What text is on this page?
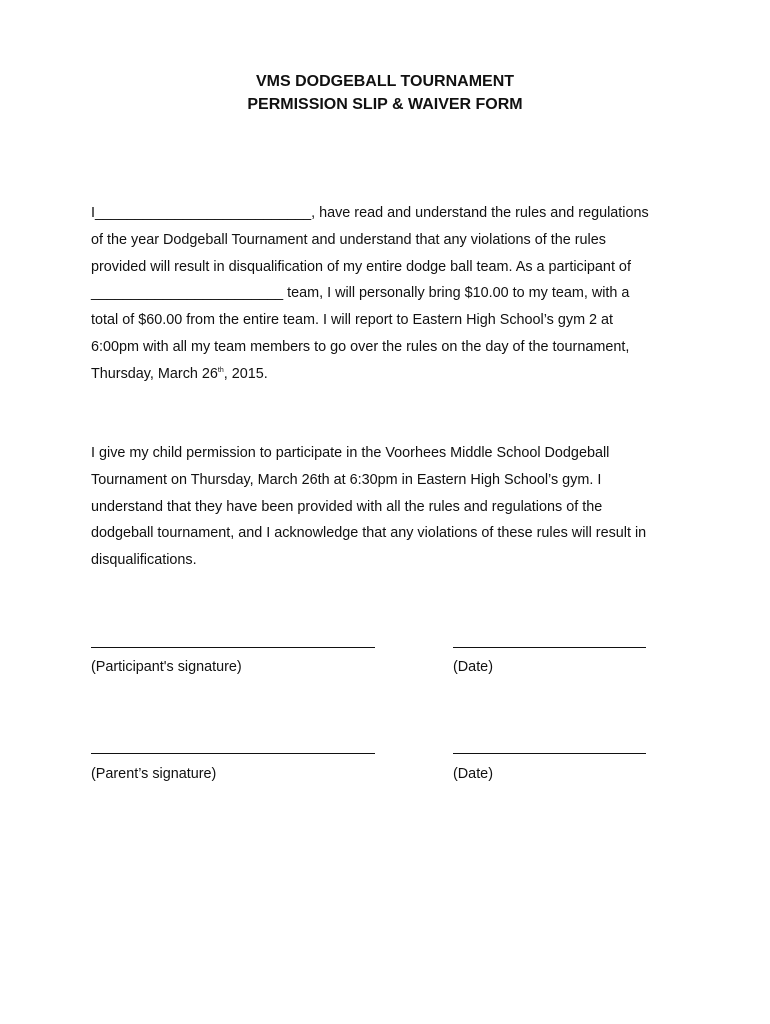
VMS DODGEBALL TOURNAMENT
PERMISSION SLIP & WAIVER FORM

I___________________________, have read and understand the rules and regulations
of the year Dodgeball Tournament and understand that any violations of the rules
provided will result in disqualification of my entire dodge ball team. As a participant of
________________________ team, I will personally bring $10.00 to my team, with a
total of $60.00 from the entire team. I will report to Eastern High School’s gym 2 at
6:00pm with all my team members to go over the rules on the day of the tournament,
Thursday, March 26th, 2015.

I give my child permission to participate in the Voorhees Middle School Dodgeball
Tournament on Thursday, March 26th at 6:30pm in Eastern High School’s gym. I
understand that they have been provided with all the rules and regulations of the
dodgeball tournament, and I acknowledge that any violations of these rules will result in
disqualifications.

(Participant's signature)	(Date)
(Parent’s signature)	(Date)
